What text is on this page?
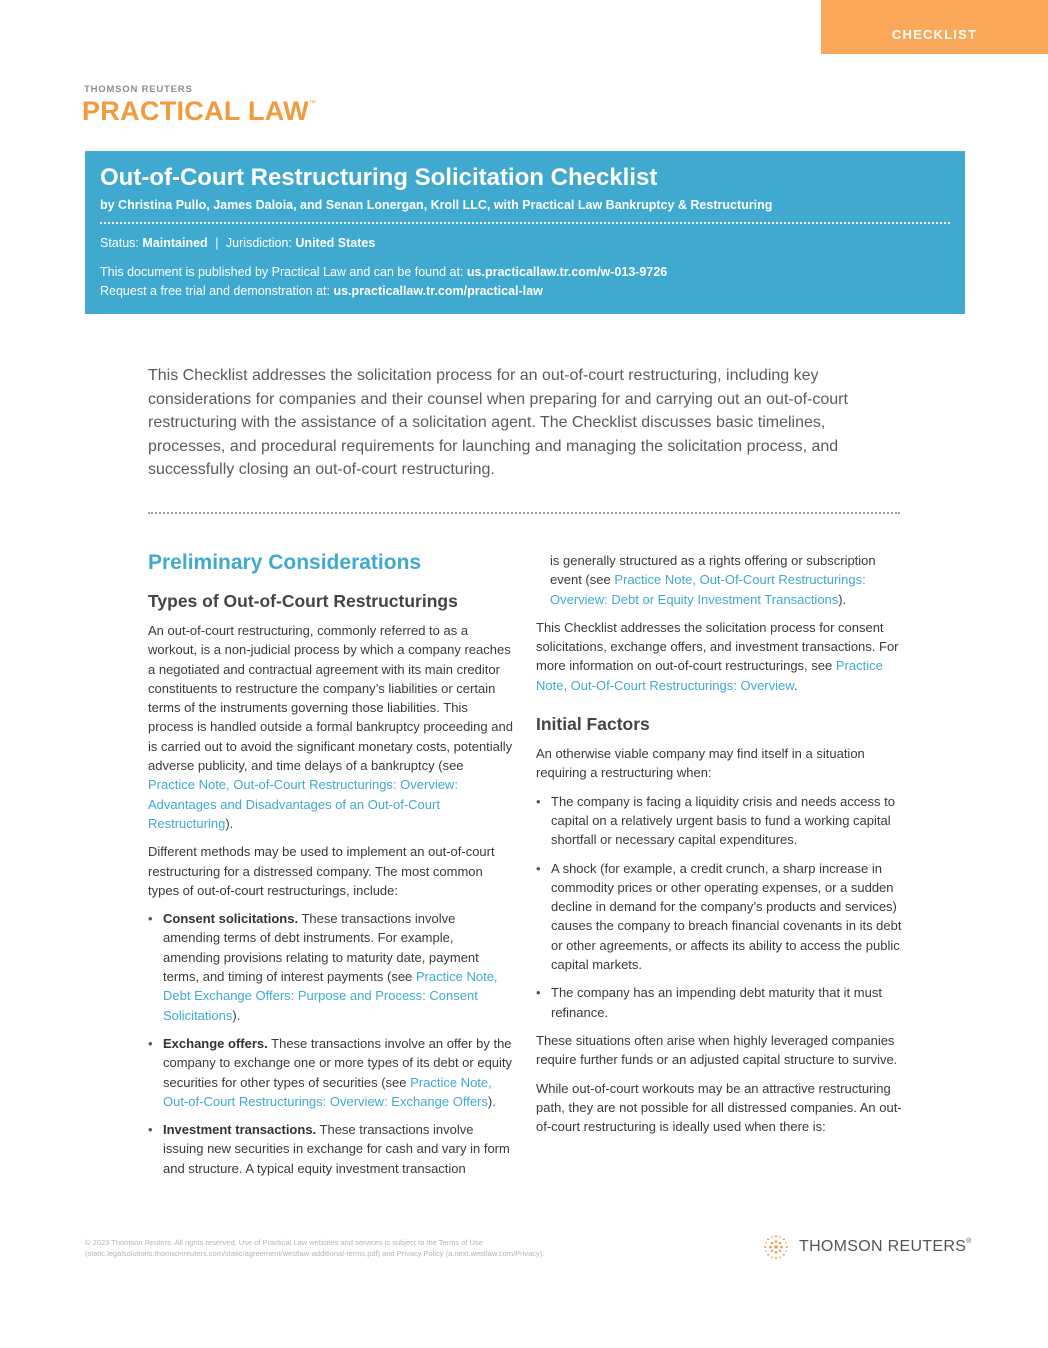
CHECKLIST
THOMSON REUTERS
PRACTICAL LAW™
Out-of-Court Restructuring Solicitation Checklist
by Christina Pullo, James Daloia, and Senan Lonergan, Kroll LLC, with Practical Law Bankruptcy & Restructuring
Status: Maintained | Jurisdiction: United States
This document is published by Practical Law and can be found at: us.practicallaw.tr.com/w-013-9726
Request a free trial and demonstration at: us.practicallaw.tr.com/practical-law

This Checklist addresses the solicitation process for an out-of-court restructuring, including key considerations for companies and their counsel when preparing for and carrying out an out-of-court restructuring with the assistance of a solicitation agent. The Checklist discusses basic timelines, processes, and procedural requirements for launching and managing the solicitation process, and successfully closing an out-of-court restructuring.

Preliminary Considerations
Types of Out-of-Court Restructurings

An out-of-court restructuring, commonly referred to as a workout, is a non-judicial process by which a company reaches a negotiated and contractual agreement with its main creditor constituents to restructure the company’s liabilities or certain terms of the instruments governing those liabilities. This process is handled outside a formal bankruptcy proceeding and is carried out to avoid the significant monetary costs, potentially adverse publicity, and time delays of a bankruptcy (see Practice Note, Out-of-Court Restructurings: Overview: Advantages and Disadvantages of an Out-of-Court Restructuring).

Different methods may be used to implement an out-of-court restructuring for a distressed company. The most common types of out-of-court restructurings, include:

• Consent solicitations. These transactions involve amending terms of debt instruments. For example, amending provisions relating to maturity date, payment terms, and timing of interest payments (see Practice Note, Debt Exchange Offers: Purpose and Process: Consent Solicitations).
• Exchange offers. These transactions involve an offer by the company to exchange one or more types of its debt or equity securities for other types of securities (see Practice Note, Out-of-Court Restructurings: Overview: Exchange Offers).
• Investment transactions. These transactions involve issuing new securities in exchange for cash and vary in form and structure. A typical equity investment transaction

is generally structured as a rights offering or subscription event (see Practice Note, Out-Of-Court Restructurings: Overview: Debt or Equity Investment Transactions).

This Checklist addresses the solicitation process for consent solicitations, exchange offers, and investment transactions. For more information on out-of-court restructurings, see Practice Note, Out-Of-Court Restructurings: Overview.

Initial Factors

An otherwise viable company may find itself in a situation requiring a restructuring when:

• The company is facing a liquidity crisis and needs access to capital on a relatively urgent basis to fund a working capital shortfall or necessary capital expenditures.
• A shock (for example, a credit crunch, a sharp increase in commodity prices or other operating expenses, or a sudden decline in demand for the company’s products and services) causes the company to breach financial covenants in its debt or other agreements, or affects its ability to access the public capital markets.
• The company has an impending debt maturity that it must refinance.

These situations often arise when highly leveraged companies require further funds or an adjusted capital structure to survive.

While out-of-court workouts may be an attractive restructuring path, they are not possible for all distressed companies. An out-of-court restructuring is ideally used when there is:

© 2023 Thomson Reuters. All rights reserved. Use of Practical Law websites and services is subject to the Terms of Use
(static.legalsolutions.thomsonreuters.com/static/agreement/westlaw-additional-terms.pdf) and Privacy Policy (a.next.westlaw.com/Privacy).	THOMSON REUTERS®
